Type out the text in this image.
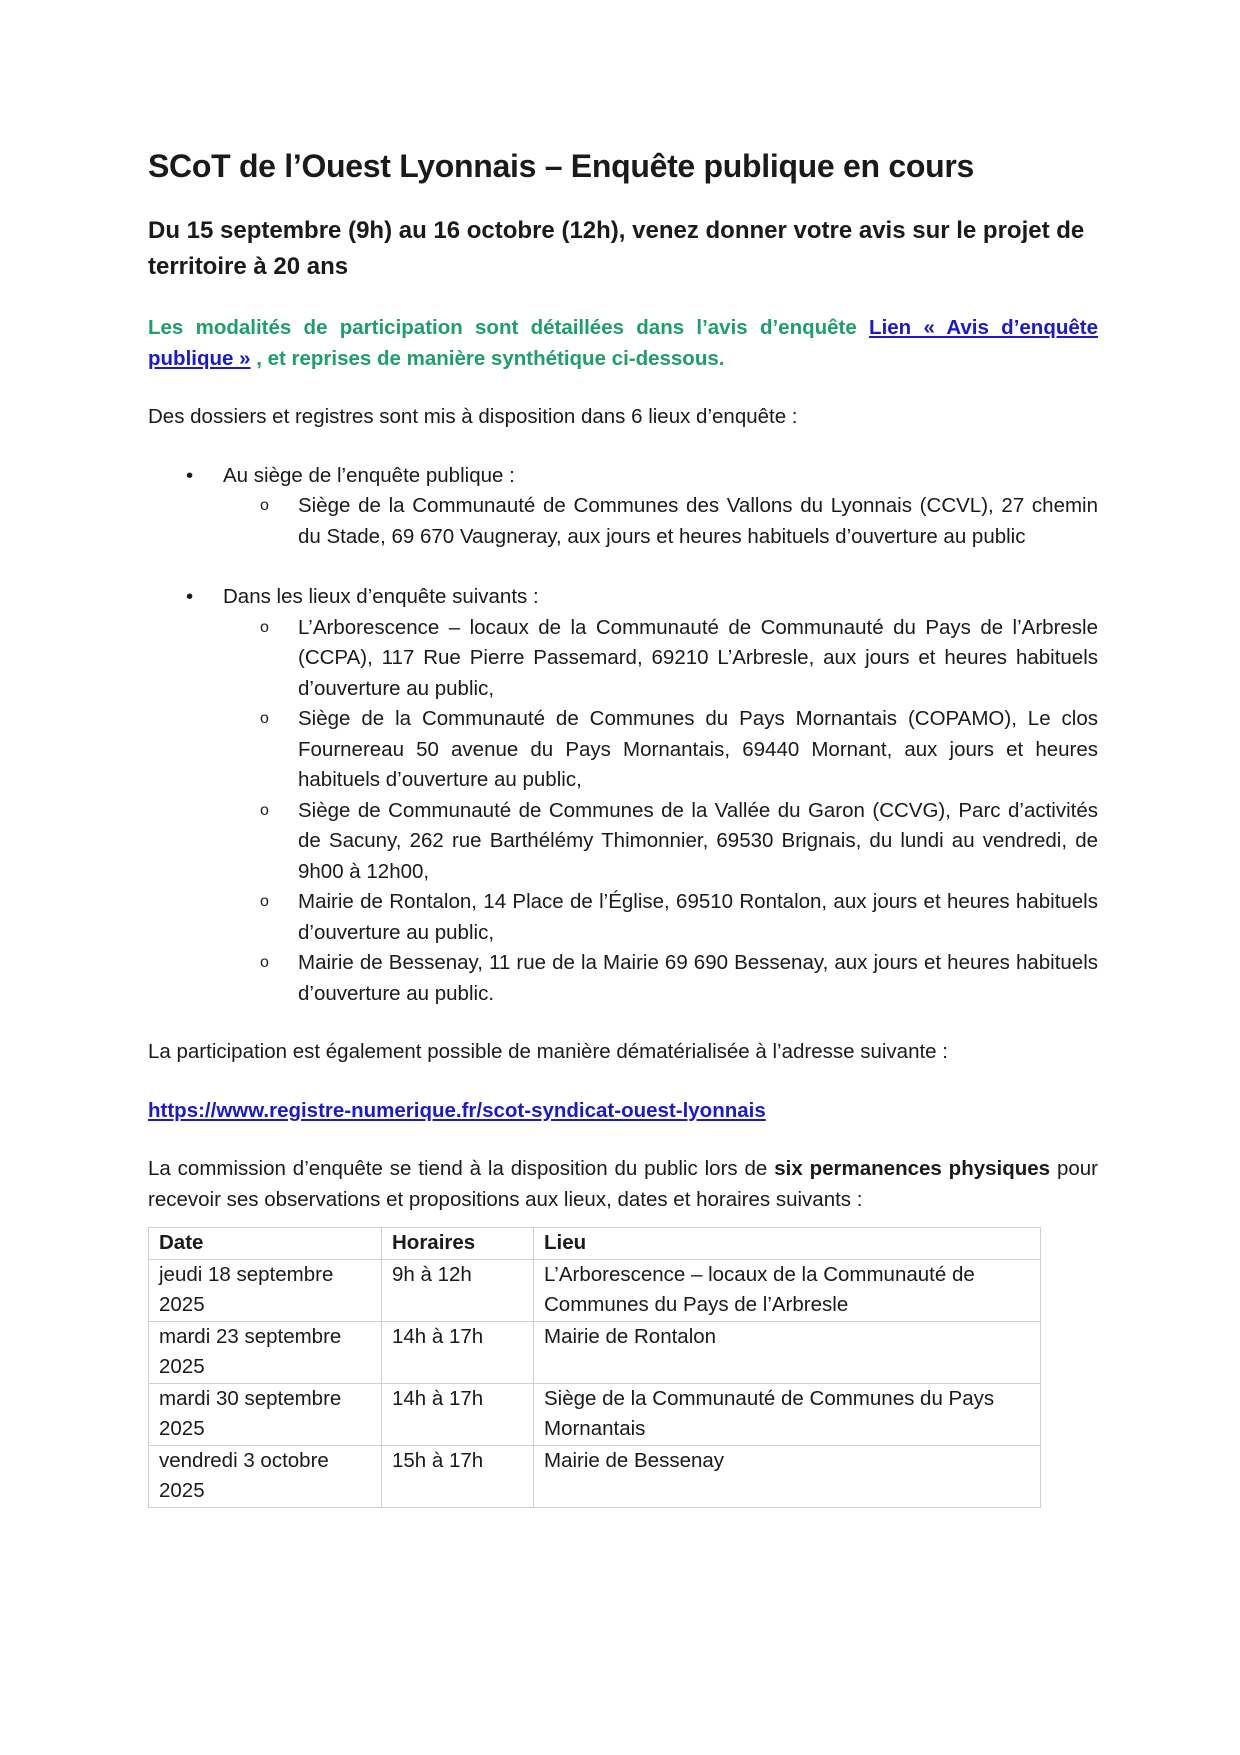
SCoT de l’Ouest Lyonnais – Enquête publique en cours
Du 15 septembre (9h) au 16 octobre (12h), venez donner votre avis sur le projet de territoire à 20 ans

Les modalités de participation sont détaillées dans l’avis d’enquête Lien « Avis d’enquête publique » , et reprises de manière synthétique ci-dessous.

Des dossiers et registres sont mis à disposition dans 6 lieux d’enquête :

• Au siège de l’enquête publique :
o Siège de la Communauté de Communes des Vallons du Lyonnais (CCVL), 27 chemin du Stade, 69 670 Vaugneray, aux jours et heures habituels d’ouverture au public
• Dans les lieux d’enquête suivants :
o L’Arborescence – locaux de la Communauté de Communauté du Pays de l’Arbresle (CCPA), 117 Rue Pierre Passemard, 69210 L’Arbresle, aux jours et heures habituels d’ouverture au public,
o Siège de la Communauté de Communes du Pays Mornantais (COPAMO), Le clos Fournereau 50 avenue du Pays Mornantais, 69440 Mornant, aux jours et heures habituels d’ouverture au public,
o Siège de Communauté de Communes de la Vallée du Garon (CCVG), Parc d’activités de Sacuny, 262 rue Barthélémy Thimonnier, 69530 Brignais, du lundi au vendredi, de 9h00 à 12h00,
o Mairie de Rontalon, 14 Place de l’Église, 69510 Rontalon, aux jours et heures habituels d’ouverture au public,
o Mairie de Bessenay, 11 rue de la Mairie 69 690 Bessenay, aux jours et heures habituels d’ouverture au public.

La participation est également possible de manière dématérialisée à l’adresse suivante :

https://www.registre-numerique.fr/scot-syndicat-ouest-lyonnais

La commission d’enquête se tiend à la disposition du public lors de six permanences physiques pour recevoir ses observations et propositions aux lieux, dates et horaires suivants :

Date	Horaires	Lieu
jeudi 18 septembre 2025	9h à 12h	L’Arborescence – locaux de la Communauté de Communes du Pays de l’Arbresle
mardi 23 septembre 2025	14h à 17h	Mairie de Rontalon
mardi 30 septembre 2025	14h à 17h	Siège de la Communauté de Communes du Pays Mornantais
vendredi 3 octobre 2025	15h à 17h	Mairie de Bessenay
